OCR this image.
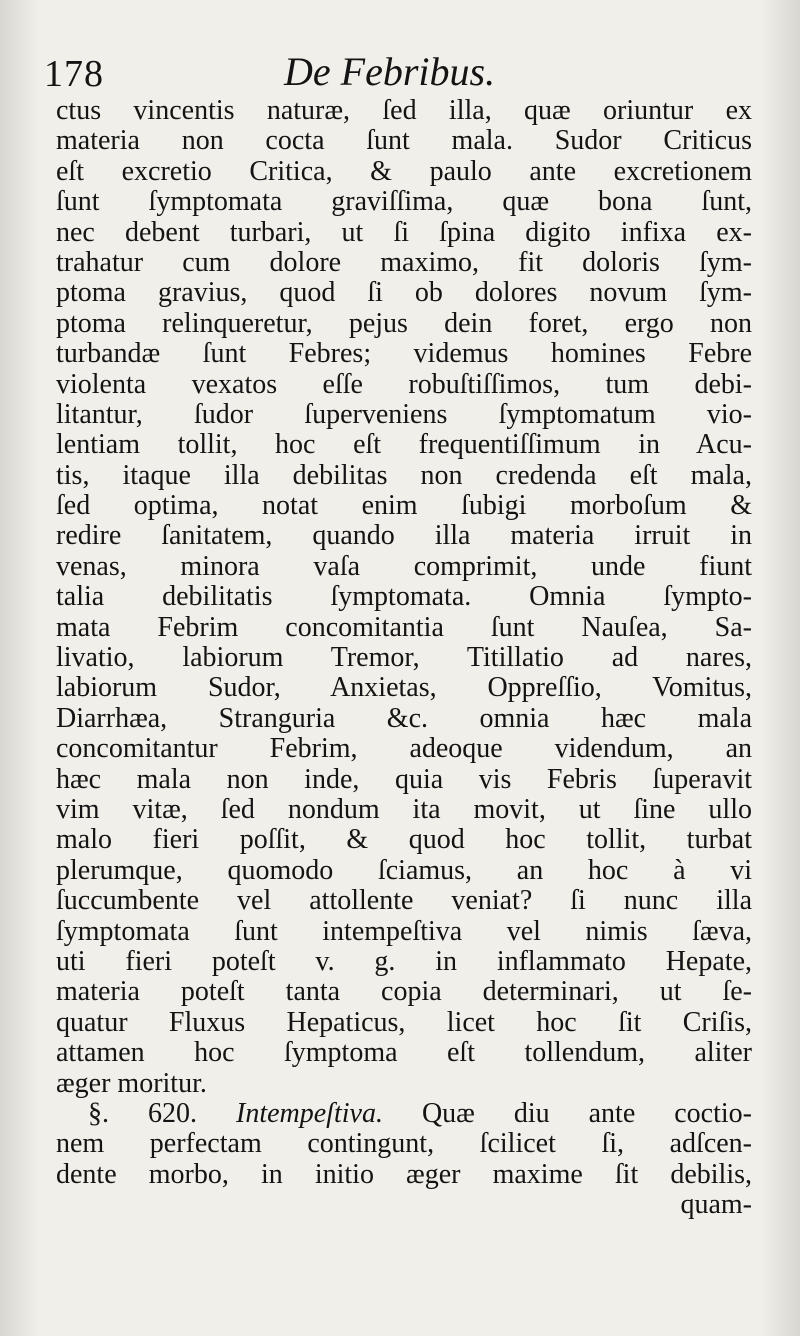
178	De Febribus.
ctus vincentis naturæ, ſed illa, quæ oriuntur ex
materia non cocta ſunt mala. Sudor Criticus
eſt excretio Critica, & paulo ante excretionem
ſunt ſymptomata graviſſima, quæ bona ſunt,
nec debent turbari, ut ſi ſpina digito infixa ex-
trahatur cum dolore maximo, fit doloris ſym-
ptoma gravius, quod ſi ob dolores novum ſym-
ptoma relinqueretur, pejus dein foret, ergo non
turbandæ ſunt Febres; videmus homines Febre
violenta vexatos eſſe robuſtiſſimos, tum debi-
litantur, ſudor ſuperveniens ſymptomatum vio-
lentiam tollit, hoc eſt frequentiſſimum in Acu-
tis, itaque illa debilitas non credenda eſt mala,
ſed optima, notat enim ſubigi morboſum &
redire ſanitatem, quando illa materia irruit in
venas, minora vaſa comprimit, unde fiunt
talia debilitatis ſymptomata. Omnia ſympto-
mata Febrim concomitantia ſunt Nauſea, Sa-
livatio, labiorum Tremor, Titillatio ad nares,
labiorum Sudor, Anxietas, Oppreſſio, Vomitus,
Diarrhæa, Stranguria &c. omnia hæc mala
concomitantur Febrim, adeoque videndum, an
hæc mala non inde, quia vis Febris ſuperavit
vim vitæ, ſed nondum ita movit, ut ſine ullo
malo fieri poſſit, & quod hoc tollit, turbat
plerumque, quomodo ſciamus, an hoc à vi
ſuccumbente vel attollente veniat? ſi nunc illa
ſymptomata ſunt intempeſtiva vel nimis ſæva,
uti fieri poteſt v. g. in inflammato Hepate,
materia poteſt tanta copia determinari, ut ſe-
quatur Fluxus Hepaticus, licet hoc ſit Criſis,
attamen hoc ſymptoma eſt tollendum, aliter
æger moritur.
§. 620. Intempeſtiva. Quæ diu ante coctio-
nem perfectam contingunt, ſcilicet ſi, adſcen-
dente morbo, in initio æger maxime ſit debilis,
quam-
